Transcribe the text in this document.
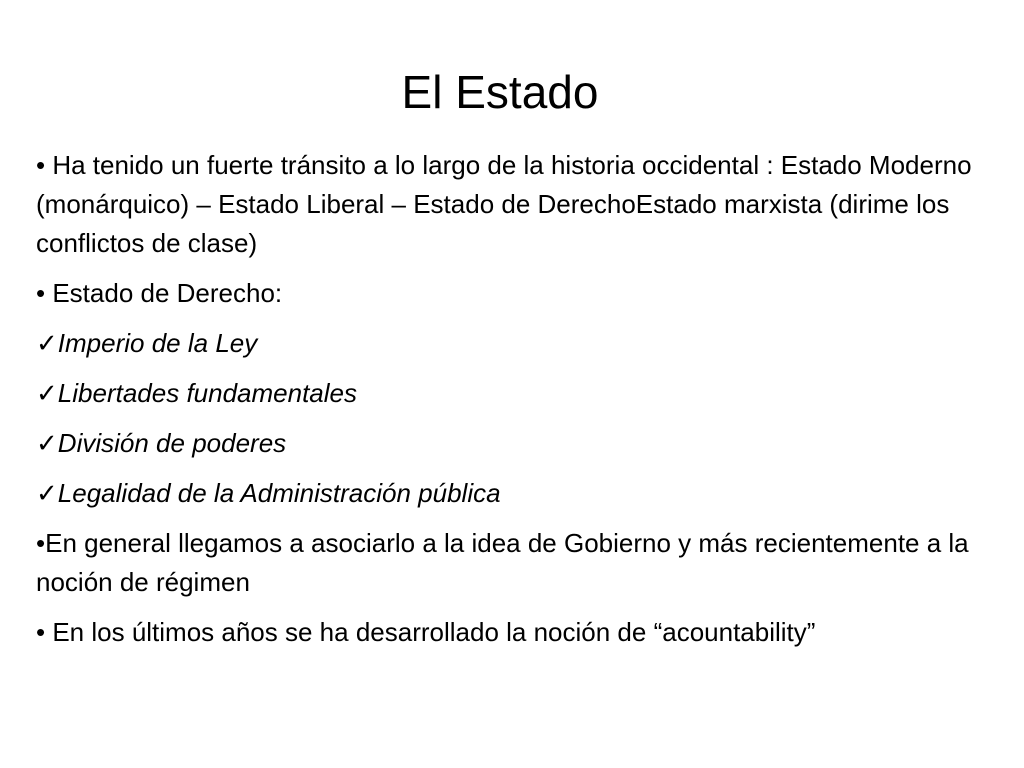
El Estado
• Ha tenido un fuerte tránsito a lo largo de la historia occidental : Estado Moderno (monárquico) – Estado Liberal – Estado de DerechoEstado marxista (dirime los conflictos de clase)
• Estado de Derecho:
✓Imperio de la Ley
✓Libertades fundamentales
✓División de poderes
✓Legalidad de la Administración pública
•En general llegamos a asociarlo a la idea de Gobierno y más recientemente a la noción de régimen
• En los últimos años se ha desarrollado la noción de “acountability”
